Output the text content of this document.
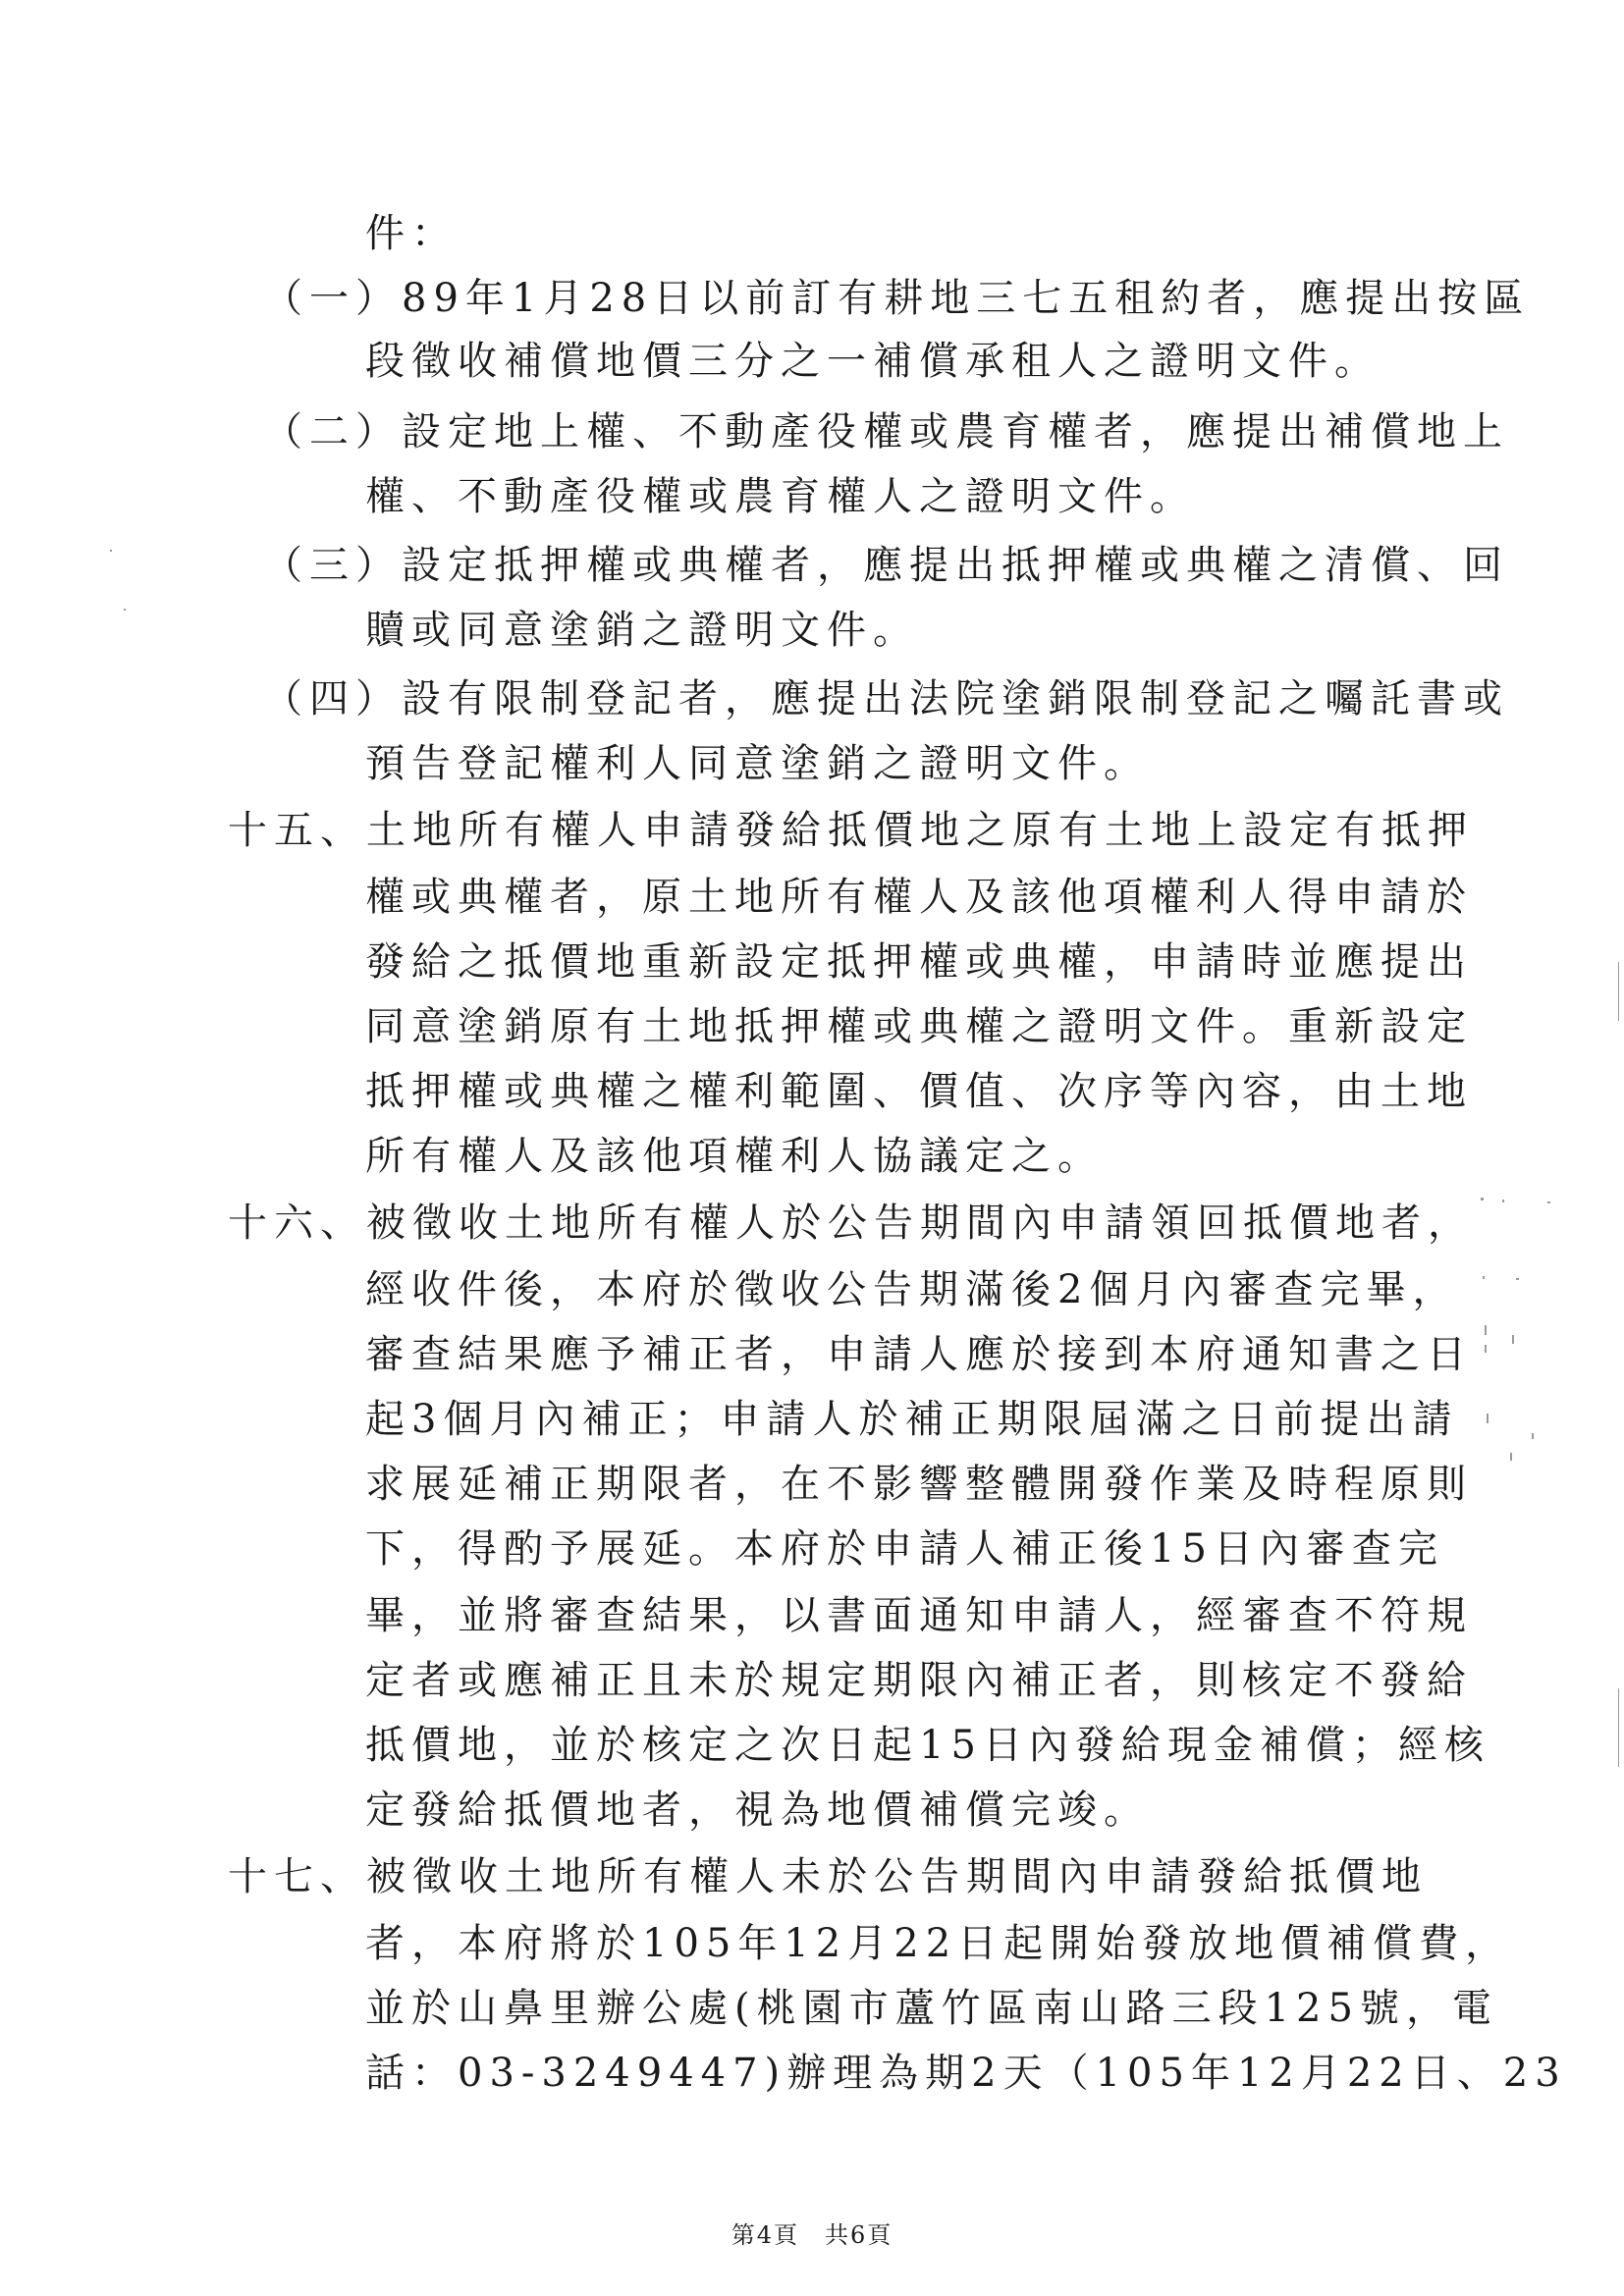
件：
（一）89年1月28日以前訂有耕地三七五租約者，應提出按區
段徵收補償地價三分之一補償承租人之證明文件。
（二）設定地上權、不動產役權或農育權者，應提出補償地上
權、不動產役權或農育權人之證明文件。
（三）設定抵押權或典權者，應提出抵押權或典權之清償、回
贖或同意塗銷之證明文件。
（四）設有限制登記者，應提出法院塗銷限制登記之囑託書或
預告登記權利人同意塗銷之證明文件。
十五、土地所有權人申請發給抵價地之原有土地上設定有抵押
權或典權者，原土地所有權人及該他項權利人得申請於
發給之抵價地重新設定抵押權或典權，申請時並應提出
同意塗銷原有土地抵押權或典權之證明文件。重新設定
抵押權或典權之權利範圍、價值、次序等內容，由土地
所有權人及該他項權利人協議定之。
十六、被徵收土地所有權人於公告期間內申請領回抵價地者，
經收件後，本府於徵收公告期滿後2個月內審查完畢，
審查結果應予補正者，申請人應於接到本府通知書之日
起3個月內補正；申請人於補正期限屆滿之日前提出請
求展延補正期限者，在不影響整體開發作業及時程原則
下，得酌予展延。本府於申請人補正後15日內審查完
畢，並將審查結果，以書面通知申請人，經審查不符規
定者或應補正且未於規定期限內補正者，則核定不發給
抵價地，並於核定之次日起15日內發給現金補償；經核
定發給抵價地者，視為地價補償完竣。
十七、被徵收土地所有權人未於公告期間內申請發給抵價地
者，本府將於105年12月22日起開始發放地價補償費，
並於山鼻里辦公處(桃園市蘆竹區南山路三段125號，電
話：03-3249447)辦理為期2天（105年12月22日、23
第4頁　共6頁
